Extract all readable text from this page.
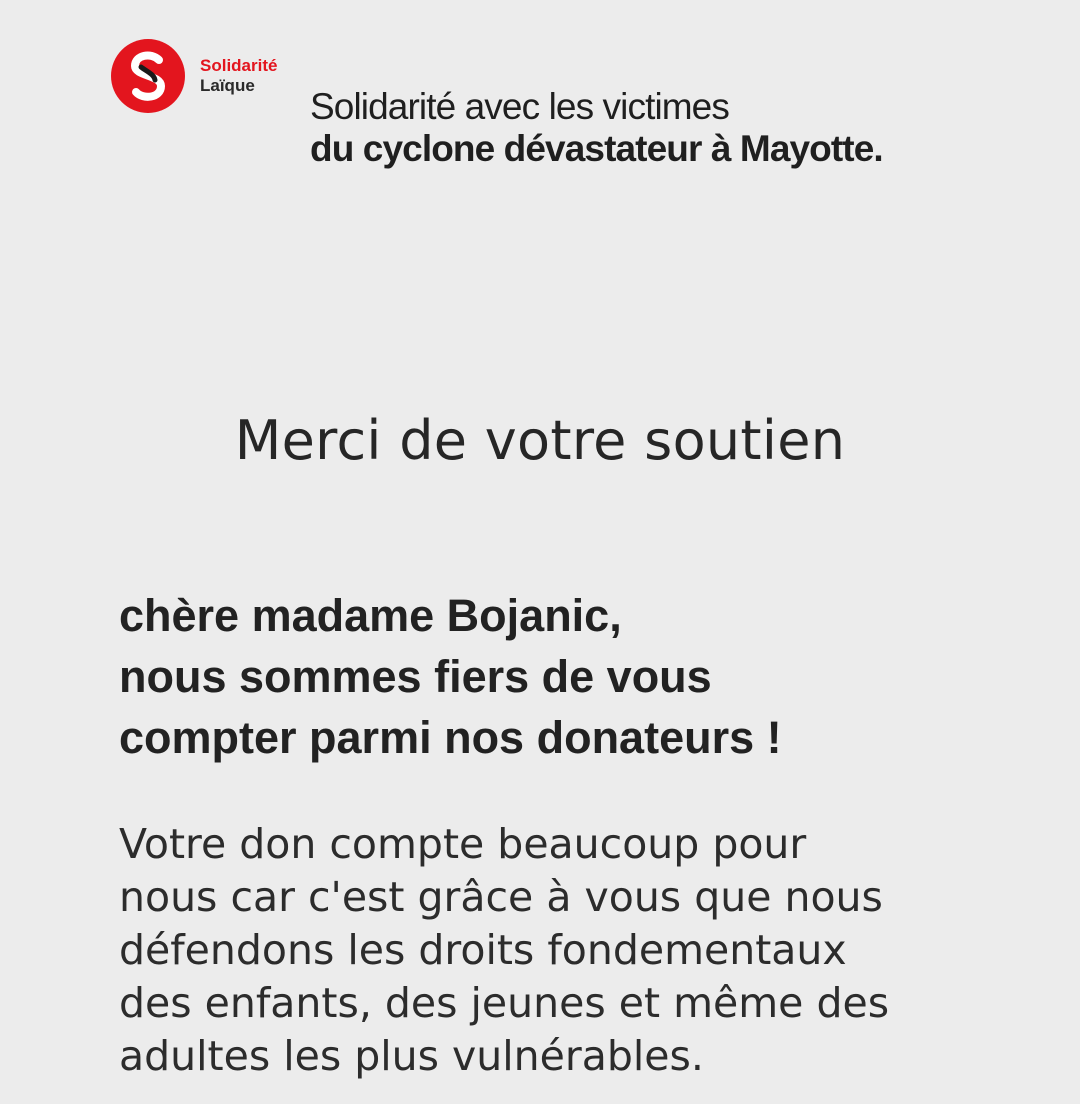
Solidarité
Laïque
Solidarité avec les victimes
du cyclone dévastateur à Mayotte.
Merci de votre soutien
chère madame Bojanic,
nous sommes fiers de vous
compter parmi nos donateurs !
Votre don compte beaucoup pour
nous car c'est grâce à vous que nous
défendons les droits fondementaux
des enfants, des jeunes et même des
adultes les plus vulnérables.
